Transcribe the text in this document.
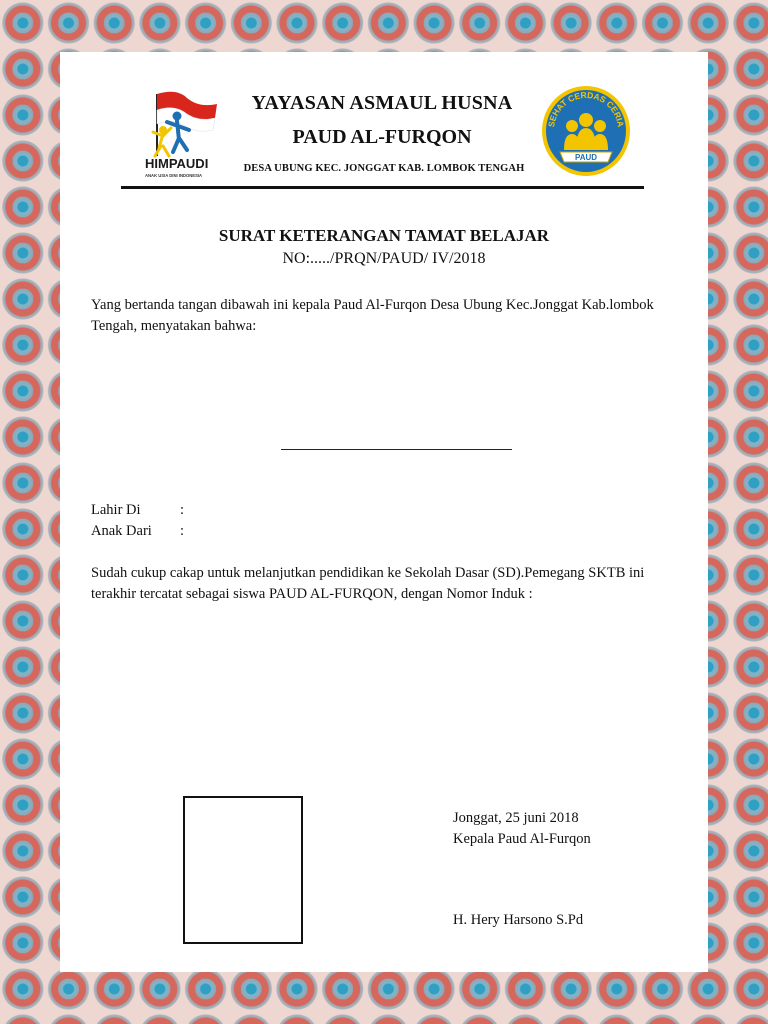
HIMPAUDI
ANAK USIA DINI INDONESIA
YAYASAN ASMAUL HUSNA
PAUD AL-FURQON
DESA UBUNG KEC. JONGGAT KAB. LOMBOK TENGAH
SEHAT CERDAS CERIA
PAUD
SURAT KETERANGAN TAMAT BELAJAR
NO:...../PRQN/PAUD/ IV/2018
Yang bertanda tangan dibawah ini kepala Paud Al-Furqon Desa Ubung Kec.Jonggat Kab.lombok
Tengah, menyatakan bahwa:
Lahir Di	:
Anak Dari :
Sudah cukup cakap untuk melanjutkan pendidikan ke Sekolah Dasar (SD).Pemegang SKTB ini
terakhir tercatat sebagai siswa PAUD AL-FURQON, dengan Nomor Induk :
Jonggat, 25 juni 2018
Kepala Paud Al-Furqon
H. Hery Harsono S.Pd
